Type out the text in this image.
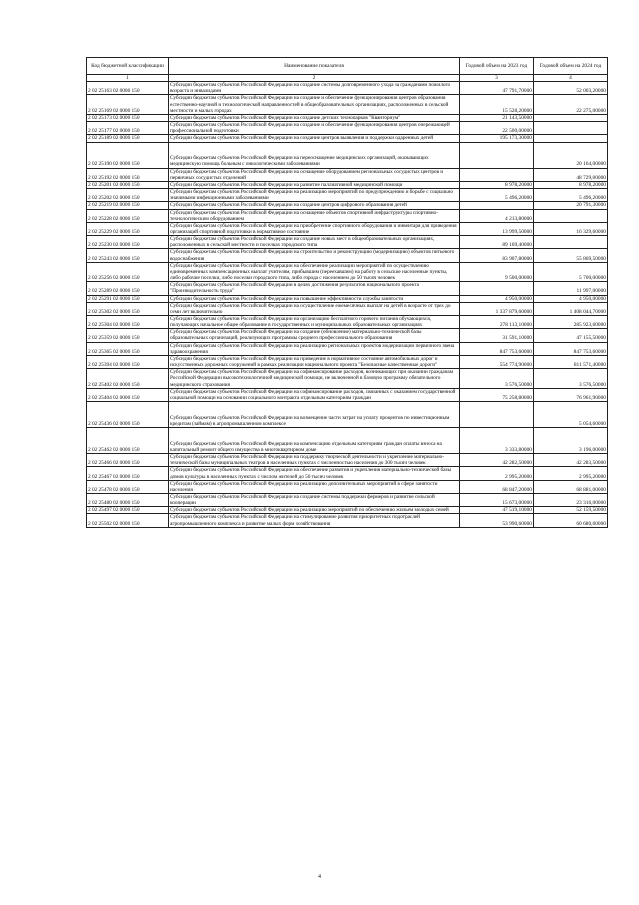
Код бюджетной классификации	Наименование показателя	Годовой объем на 2023 год	Годовой объем на 2024 год
1	2	3	4
2 02 25163 02 0000 150	Субсидии бюджетам субъектов Российской Федерации на создание системы долговременного ухода за гражданами пожилого возраста и инвалидами	47 791,70000	52 003,20000
2 02 25169 02 0000 150	Субсидии бюджетам субъектов Российской Федерации на создание и обеспечение функционирования центров образования естественно-научной и технологической направленностей в общеобразовательных организациях, расположенных в сельской местности и малых городах	15 528,20000	22 275,00000
2 02 25173 02 0000 150	Субсидии бюджетам субъектов Российской Федерации на создание детских технопарков "Кванториум"	21 143,50000	
2 02 25177 02 0000 150	Субсидии бюджетам субъектов Российской Федерации на создание и обеспечение функционирования центров опережающей профессиональной подготовки	22 500,00000	
2 02 25189 02 0000 150	Субсидии бюджетам субъектов Российской Федерации на создание центров выявления и поддержки одаренных детей	195 173,30000	
2 02 25190 02 0000 150	Субсидии бюджетам субъектов Российской Федерации на переоснащение медицинских организаций, оказывающих медицинскую помощь больным с онкологическими заболеваниями		20 164,00000
2 02 25192 02 0000 150	Субсидии бюджетам субъектов Российской Федерации на оснащение оборудованием региональных сосудистых центров и первичных сосудистых отделений		48 729,00000
2 02 25201 02 0000 150	Субсидии бюджетам субъектов Российской Федерации на развитие паллиативной медицинской помощи	8 978,20000	8 978,20000
2 02 25202 02 0000 150	Субсидии бюджетам субъектов Российской Федерации на реализацию мероприятий по предупреждению и борьбе с социально значимыми инфекционными заболеваниями	5 496,20000	5 496,20000
2 02 25219 02 0000 150	Субсидии бюджетам субъектов Российской Федерации на создание центров цифрового образования детей		20 791,30000
2 02 25228 02 0000 150	Субсидии бюджетам субъектов Российской Федерации на оснащение объектов спортивной инфраструктуры спортивно-технологическим оборудованием	4 213,80000	
2 02 25229 02 0000 150	Субсидии бюджетам субъектов Российской Федерации на приобретение спортивного оборудования и инвентаря для приведения организаций спортивной подготовки в нормативное состояние	13 999,50000	16 329,60000
2 02 25230 02 0000 150	Субсидии бюджетам субъектов Российской Федерации на создание новых мест в общеобразовательных организациях, расположенных в сельской местности и поселках городского типа	89 169,40000	
2 02 25243 02 0000 150	Субсидии бюджетам субъектов Российской Федерации на строительство и реконструкцию (модернизацию) объектов питьевого водоснабжения	83 907,80000	55 869,50000
2 02 25256 02 0000 150	Субсидии бюджетам субъектов Российской Федерации на обеспечение реализации мероприятий по осуществлению единовременных компенсационных выплат учителям, прибывшим (переехавшим) на работу в сельские населенные пункты, либо рабочие поселки, либо поселки городского типа, либо города с населением до 50 тысяч человек	9 500,00000	5 700,00000
2 02 25289 02 0000 150	Субсидии бюджетам субъектов Российской Федерации в целях достижения результатов национального проекта "Производительность труда"		11 997,00000
2 02 25291 02 0000 150	Субсидии бюджетам субъектов Российской Федерации на повышение эффективности службы занятости	4 950,00000	4 950,00000
2 02 25302 02 0000 150	Субсидии бюджетам субъектов Российской Федерации на осуществление ежемесячных выплат на детей в возрасте от трех до семи лет включительно	1 337 879,60000	1 408 044,70000
2 02 25304 02 0000 150	Субсидии бюджетам субъектов Российской Федерации на организацию бесплатного горячего питания обучающихся, получающих начальное общее образование в государственных и муниципальных образовательных организациях	278 113,10000	285 923,60000
2 02 25359 02 0000 150	Субсидии бюджетам субъектов Российской Федерации на создание (обновление) материально-технической базы образовательных организаций, реализующих программы среднего профессионального образования	31 591,10000	47 155,50000
2 02 25365 02 0000 150	Субсидии бюджетам субъектов Российской Федерации на реализацию региональных проектов модернизации первичного звена здравоохранения	847 753,60000	847 753,60000
2 02 25394 02 0000 150	Субсидии бюджетам субъектов Российской Федерации на приведение в нормативное состояние автомобильных дорог и искусственных дорожных сооружений в рамках реализации национального проекта "Безопасные качественные дороги"	554 774,90000	811 571,40000
2 02 25402 02 0000 150	Субсидии бюджетам субъектов Российской Федерации на софинансирование расходов, возникающих при оказании гражданам Российской Федерации высокотехнологичной медицинской помощи, не включенной в базовую программу обязательного медицинского страхования	3 576,50000	3 576,50000
2 02 25404 02 0000 150	Субсидии бюджетам субъектов Российской Федерации на софинансирование расходов, связанных с оказанием государственной социальной помощи на основании социального контракта отдельным категориям граждан	75 258,80000	76 961,90000
2 02 25436 02 0000 150	Субсидии бюджетам субъектов Российской Федерации на возмещение части затрат на уплату процентов по инвестиционным кредитам (займам) в агропромышленном комплексе		5 054,60000
2 02 25462 02 0000 150	Субсидии бюджетам субъектов Российской Федерации на компенсацию отдельным категориям граждан оплаты взноса на капитальный ремонт общего имущества в многоквартирном доме	3 333,80000	3 196,00000
2 02 25466 02 0000 150	Субсидии бюджетам субъектов Российской Федерации на поддержку творческой деятельности и укрепление материально-технической базы муниципальных театров в населенных пунктах с численностью населения до 300 тысяч человек	42 282,50000	42 283,50000
2 02 25467 02 0000 150	Субсидии бюджетам субъектов Российской Федерации на обеспечение развития и укрепления материально-технической базы домов культуры в населенных пунктах с числом жителей до 50 тысяч человек	2 995,20000	2 995,20000
2 02 25478 02 0000 150	Субсидии бюджетам субъектов Российской Федерации на реализацию дополнительных мероприятий в сфере занятости населения	68 847,20000	68 881,00000
2 02 25480 02 0000 150	Субсидии бюджетам субъектов Российской Федерации на создание системы поддержки фермеров и развитие сельской кооперации	15 673,00000	23 316,00000
2 02 25497 02 0000 150	Субсидии бюджетам субъектов Российской Федерации на реализацию мероприятий по обеспечению жильем молодых семей	47 519,10000	52 159,50000
2 02 25502 02 0000 150	Субсидии бюджетам субъектов Российской Федерации на стимулирование развития приоритетных подотраслей агропромышленного комплекса и развитие малых форм хозяйствования	53 990,60000	60 680,60000
4
